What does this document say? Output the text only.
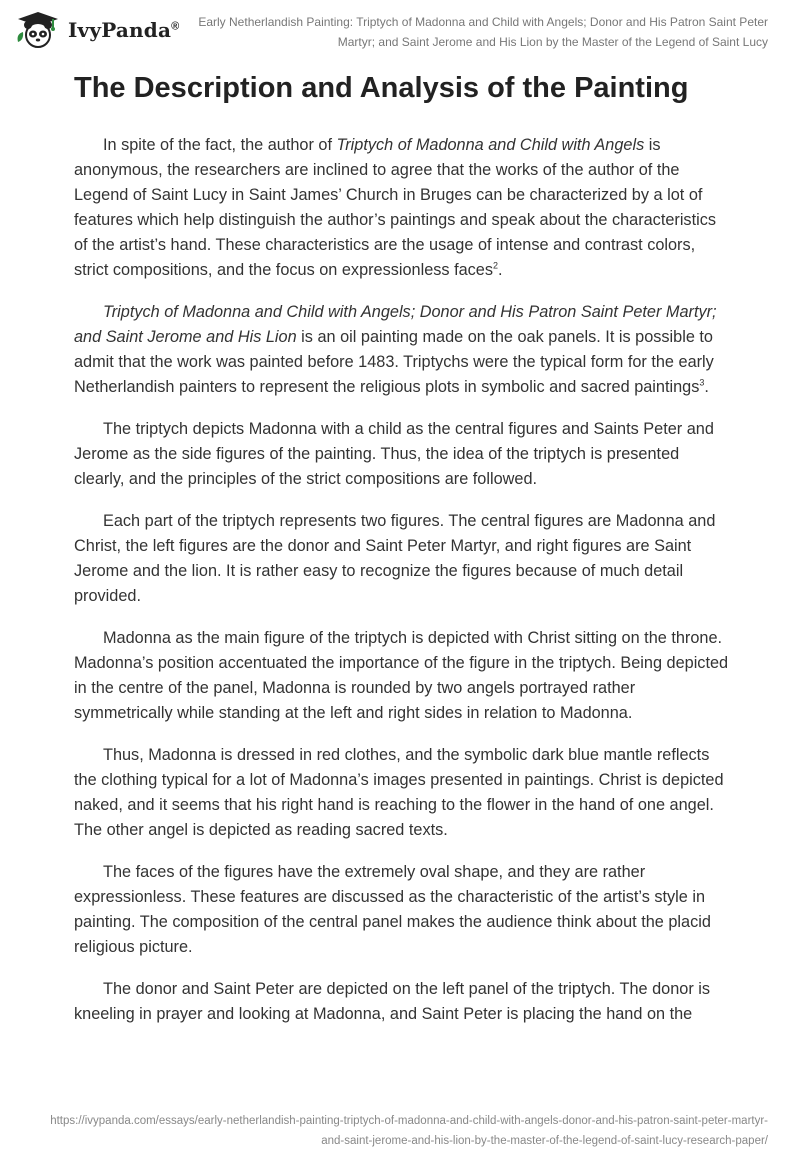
IvyPanda®	Early Netherlandish Painting: Triptych of Madonna and Child with Angels; Donor and His Patron Saint Peter Martyr; and Saint Jerome and His Lion by the Master of the Legend of Saint Lucy
The Description and Analysis of the Painting

In spite of the fact, the author of Triptych of Madonna and Child with Angels is anonymous, the researchers are inclined to agree that the works of the author of the Legend of Saint Lucy in Saint James’ Church in Bruges can be characterized by a lot of features which help distinguish the author’s paintings and speak about the characteristics of the artist’s hand. These characteristics are the usage of intense and contrast colors, strict compositions, and the focus on expressionless faces$^2$.

Triptych of Madonna and Child with Angels; Donor and His Patron Saint Peter Martyr; and Saint Jerome and His Lion is an oil painting made on the oak panels. It is possible to admit that the work was painted before 1483. Triptychs were the typical form for the early Netherlandish painters to represent the religious plots in symbolic and sacred paintings$^3$.

The triptych depicts Madonna with a child as the central figures and Saints Peter and Jerome as the side figures of the painting. Thus, the idea of the triptych is presented clearly, and the principles of the strict compositions are followed.

Each part of the triptych represents two figures. The central figures are Madonna and Christ, the left figures are the donor and Saint Peter Martyr, and right figures are Saint Jerome and the lion. It is rather easy to recognize the figures because of much detail provided.

Madonna as the main figure of the triptych is depicted with Christ sitting on the throne. Madonna’s position accentuated the importance of the figure in the triptych. Being depicted in the centre of the panel, Madonna is rounded by two angels portrayed rather symmetrically while standing at the left and right sides in relation to Madonna.

Thus, Madonna is dressed in red clothes, and the symbolic dark blue mantle reflects the clothing typical for a lot of Madonna’s images presented in paintings. Christ is depicted naked, and it seems that his right hand is reaching to the flower in the hand of one angel. The other angel is depicted as reading sacred texts.

The faces of the figures have the extremely oval shape, and they are rather expressionless. These features are discussed as the characteristic of the artist’s style in painting. The composition of the central panel makes the audience think about the placid religious picture.

The donor and Saint Peter are depicted on the left panel of the triptych. The donor is kneeling in prayer and looking at Madonna, and Saint Peter is placing the hand on the

https://ivypanda.com/essays/early-netherlandish-painting-triptych-of-madonna-and-child-with-angels-donor-and-his-patron-saint-peter-martyr-and-saint-jerome-and-his-lion-by-the-master-of-the-legend-of-saint-lucy-research-paper/
